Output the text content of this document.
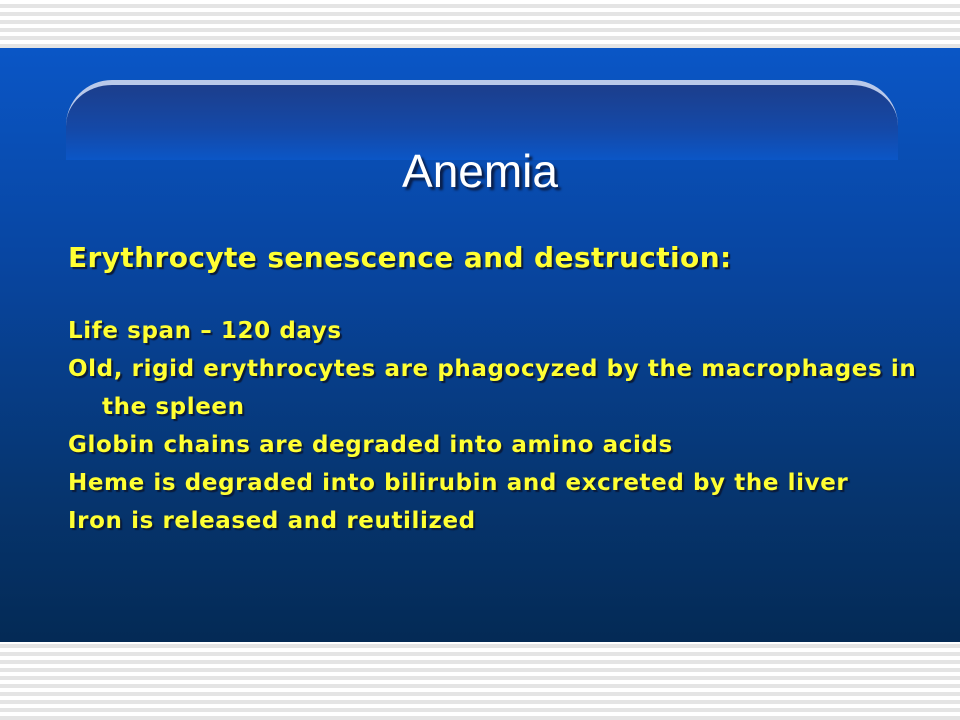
Anemia

Erythrocyte senescence and destruction:

Life span – 120 days
Old, rigid erythrocytes are phagocyzed by the macrophages in the spleen
Globin chains are degraded into amino acids
Heme is degraded into bilirubin and excreted by the liver
Iron is released and reutilized
